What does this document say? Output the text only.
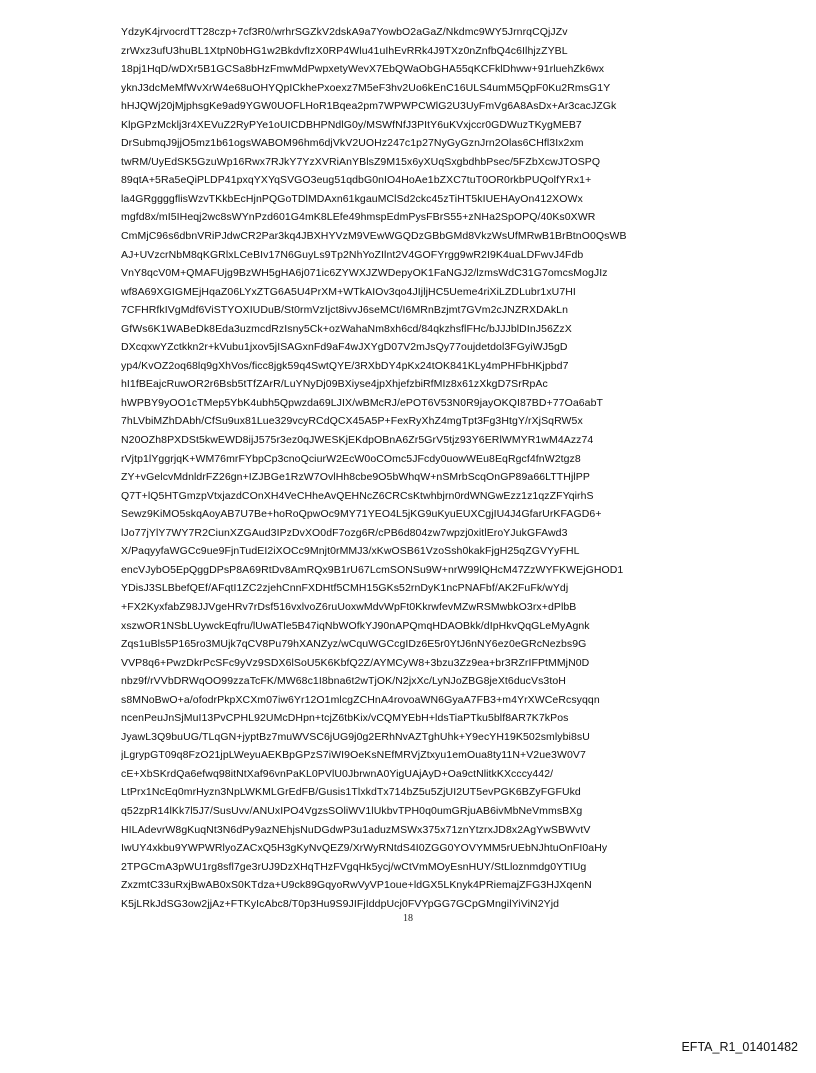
YdzyK4jrvocrdTT28czp+7cf3R0/wrhrSGZkV2dskA9a7YowbO2aGaZ/Nkdmc9WY5JrnrqCQjJZv
zrWxz3ufU3huBL1XtpN0bHG1w2BkdvfIzX0RP4Wlu41uIhEvRRk4J9TXz0nZnfbQ4c6IlhjzZYBL
18pj1HqD/wDXr5B1GCSa8bHzFmwMdPwpxetyWevX7EbQWaObGHA55qKCFklDhww+91rluehZk6wx
yknJ3dcMeMfWvXrW4e68uOHYQpICkhePxoexz7M5eF3hv2Uo6kEnC16ULS4umM5QpF0Ku2RmsG1Y
hHJQWj20jMjphsgKe9ad9YGW0UOFLHoR1Bqea2pm7WPWPCWlG2U3UyFmVg6A8AsDx+Ar3cacJZGk
KlpGPzMcklj3r4XEVuZ2RyPYe1oUICDBHPNdlG0y/MSWfNfJ3PItY6uKVxjccr0GDWuzTKygMEB7
DrSubmqJ9jjO5mz1b61ogsWABOM96hm6djVkV2UOHz247c1p27NyGyGznJrn2Olas6CHfl3Ix2xm
twRM/UyEdSK5GzuWp16Rwx7RJkY7YzXVRiAnYBlsZ9M15x6yXUqSxgbdhbPsec/5FZbXcwJTOSPQ
89qtA+5Ra5eQiPLDP41pxqYXYqSVGO3eug51qdbG0nIO4HoAe1bZXC7tuT0OR0rkbPUQolfYRx1+
la4GRggggflisWzvTKkbEcHjnPQGoTDlMDAxn61kgauMClSd2ckc45zTiHT5kIUEHAyOn412XOWx
mgfd8x/mI5IHeqj2wc8sWYnPzd601G4mK8LEfe49hmspEdmPysFBrS55+zNHa2SpOPQ/40Ks0XWR
CmMjC96s6dbnVRiPJdwCR2Par3kq4JBXHYVzM9VEwWGQDzGBbGMd8VkzWsUfMRwB1BrBtnO0QsWB
AJ+UVzcrNbM8qKGRlxLCeBIv17N6GuyLs9Tp2NhYoZIlnt2V4GOFYrgg9wR2I9K4uaLDFwvJ4Fdb
VnY8qcV0M+QMAFUjg9BzWH5gHA6j071ic6ZYWXJZWDepyOK1FaNGJ2/lzmsWdC31G7omcsMogJIz
wf8A69XGIGMEjHqaZ06LYxZTG6A5U4PrXM+WTkAIOv3qo4JIjljHC5Ueme4riXiLZDLubr1xU7HI
7CFHRfkIVgMdf6ViSTYOXIUDuB/St0rmVzIjct8ivvJ6seMCt/I6MRnBzjmt7GVm2cJNZRXDAkLn
GfWs6K1WABeDk8Eda3uzmcdRzIsny5Ck+ozWahaNm8xh6cd/84qkzhsflFHc/bJJJblDInJ56ZzX
DXcqxwYZctkkn2r+kVubu1jxov5jISAGxnFd9aF4wJXYgD07V2mJsQy77oujdetdol3FGyiWJ5gD
yp4/KvOZ2oq68lq9gXhVos/ficc8jgk59q4SwtQYE/3RXbDY4pKx24tOK841KLy4mPHFbHKjpbd7
hI1fBEajcRuwOR2r6Bsb5tTfZArR/LuYNyDj09BXiyse4jpXhjefzbiRfMIz8x61zXkgD7SrRpAc
hWPBY9yOO1cTMep5YbK4ubh5Qpwzda69LJIX/wBMcRJ/ePOT6V53N0R9jayOKQI87BD+77Oa6abT
7hLVbiMZhDAbh/CfSu9ux81Lue329vcyRCdQCX45A5P+FexRyXhZ4mgTpt3Fg3HtgY/rXjSqRW5x
N20OZh8PXDSt5kwEWD8ijJ575r3ez0qJWESKjEKdpOBnA6Zr5GrV5tjz93Y6ERlWMYR1wM4Azz74
rVjtp1lYggrjqK+WM76mrFYbpCp3cnoQciurW2EcW0oCOmc5JFcdy0uowWEu8EqRgcf4fnW2tgz8
ZY+vGelcvMdnldrFZ26gn+IZJBGe1RzW7OvlHh8cbe9O5bWhqW+nSMrbScqOnGP89a66LTTHjlPP
Q7T+lQ5HTGmzpVtxjazdCOnXH4VeCHheAvQEHNcZ6CRCsKtwhbjrn0rdWNGwEzz1z1qzZFYqirhS
Sewz9KiMO5skqAoyAB7U7Be+hoRoQpwOc9MY71YEO4L5jKG9uKyuEUXCgjIU4J4GfarUrKFAGD6+
lJo77jYlY7WY7R2CiunXZGAud3IPzDvXO0dF7ozg6R/cPB6d804zw7wpzj0xitlEroYJukGFAwd3
X/PaqyyfaWGCc9ue9FjnTudEI2iXOCc9Mnjt0rMMJ3/xKwOSB61VzoSsh0kakFjgH25qZGVYyFHL
encVJybO5EpQggDPsP8A69RtDv8AmRQx9B1rU67LcmSONSu9W+nrW99lQHcM47ZzWYFKWEjGHOD1
YDisJ3SLBbefQEf/AFqtI1ZC2zjehCnnFXDHtf5CMH15GKs52rnDyK1ncPNAFbf/AK2FuFk/wYdj
+FX2KyxfabZ98JJVgeHRv7rDsf516vxlvoZ6ruUoxwMdvWpFt0KkrwfevMZwRSMwbkO3rx+dPlbB
xszwOR1NSbLUywckEqfru/lUwATle5B47iqNbWOfkYJ90nAPQmqHDAOBkk/dIpHkvQqGLeMyAgnk
Zqs1uBls5P165ro3MUjk7qCV8Pu79hXANZyz/wCquWGCcgIDz6E5r0YtJ6nNY6ez0eGRcNezbs9G
VVP8q6+PwzDkrPcSFc9yVz9SDX6lSoU5K6KbfQ2Z/AYMCyW8+3bzu3Zz9ea+br3RZrIFPtMMjN0D
nbz9f/rVVbDRWqOO99zzaTcFK/MW68c1I8bna6t2wTjOK/N2jxXc/LyNJoZBG8jeXt6ducVs3toH
s8MNoBwO+a/ofodrPkpXCXm07iw6Yr12O1mlcgZCHnA4rovoaWN6GyaA7FB3+m4YrXWCeRcsyqqn
ncenPeuJnSjMuI13PvCPHL92UMcDHpn+tcjZ6tbKix/vCQMYEbH+ldsTiaPTku5blf8AR7K7kPos
JyawL3Q9buUG/TLqGN+jyptBz7muWVSC6jUG9j0g2ERhNvAZTghUhk+Y9ecYH19K502smlybi8sU
jLgrypGT09q8FzO21jpLWeyuAEKBpGPzS7iWI9OeKsNEfMRVjZtxyu1emOua8ty11N+V2ue3W0V7
cE+XbSKrdQa6efwq98itNtXaf96vnPaKL0PVlU0JbrwnA0YigUAjAyD+Oa9ctNlitkKXcccy442/
LtPrx1NcEq0mrHyzn3NpLWKMLGrEdFB/Gusis1TlxkdTx714bZ5u5ZjUI2UT5evPGK6BZyFGFUkd
q52zpR14lKk7l5J7/SusUvv/ANUxIPO4VgzsSOliWV1lUkbvTPH0q0umGRjuAB6ivMbNeVmmsBXg
HILAdevrW8gKuqNt3N6dPy9azNEhjsNuDGdwP3u1aduzMSWx375x71znYtzrxJD8x2AgYwSBWvtV
IwUY4xkbu9YWPWRlyoZACxQ5H3gKyNvQEZ9/XrWyRNtdS4I0ZGG0YOVYMM5rUEbNJhtuOnFI0aHy
2TPGCmA3pWU1rg8sfl7ge3rUJ9DzXHqTHzFVgqHk5ycj/wCtVmMOyEsnHUY/StLloznmdg0YTIUg
ZxzmtC33uRxjBwAB0xS0KTdza+U9ck89GqyoRwVyVP1oue+ldGX5LKnyk4PRiemajZFG3HJXqenN
K5jLRkJdSG3ow2jjAz+FTKyIcAbc8/T0p3Hu9S9JIFjIddpUcj0FVYpGG7GCpGMngilYiViN2Yjd
18
EFTA_R1_01401482
